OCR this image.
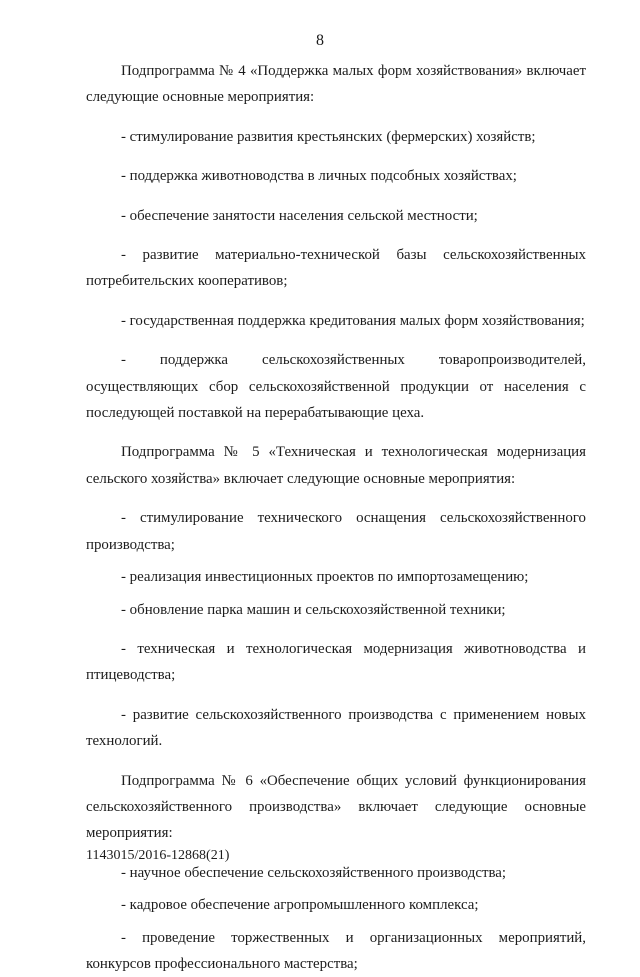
8

Подпрограмма № 4 «Поддержка малых форм хозяйствования» включает следующие основные мероприятия:

- стимулирование развития крестьянских (фермерских) хозяйств;

- поддержка животноводства в личных подсобных хозяйствах;

- обеспечение занятости населения сельской местности;

- развитие материально-технической базы сельскохозяйственных потребительских кооперативов;

- государственная поддержка кредитования малых форм хозяйствования;

- поддержка сельскохозяйственных товаропроизводителей, осуществляющих сбор сельскохозяйственной продукции от населения с последующей поставкой на перерабатывающие цеха.

Подпрограмма № 5 «Техническая и технологическая модернизация сельского хозяйства» включает следующие основные мероприятия:

- стимулирование технического оснащения сельскохозяйственного производства;

- реализация инвестиционных проектов по импортозамещению;

- обновление парка машин и сельскохозяйственной техники;

- техническая и технологическая модернизация животноводства и птицеводства;

- развитие сельскохозяйственного производства с применением новых технологий.

Подпрограмма № 6 «Обеспечение общих условий функционирования сельскохозяйственного производства» включает следующие основные мероприятия:

- научное обеспечение сельскохозяйственного производства;

- кадровое обеспечение агропромышленного комплекса;

- проведение торжественных и организационных мероприятий, конкурсов профессионального мастерства;

1143015/2016-12868(21)
